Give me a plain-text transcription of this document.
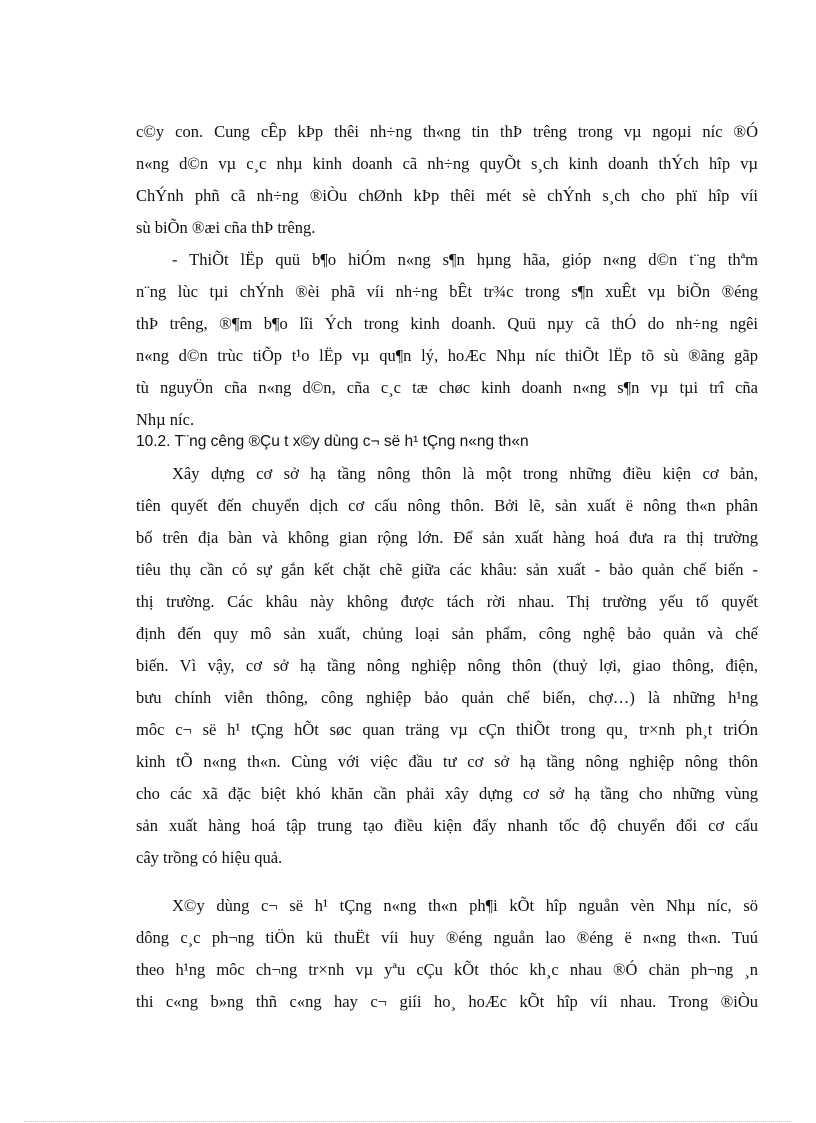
c©y con. Cung cÊp kÞp thêi nh÷ng th«ng tin thÞ trêng trong vµ ngoµi níc ®Ó
n«ng d©n vµ c¸c nhµ kinh doanh cã nh÷ng quyÕt s¸ch kinh doanh thÝch hîp vµ
ChÝnh phñ cã nh÷ng ®iÒu chØnh kÞp thêi mét sè chÝnh s¸ch cho phï hîp víi
sù biÕn ®æi cña thÞ trêng.
- ThiÕt lËp quü b¶o hiÓm n«ng s¶n hµng hãa, gióp n«ng d©n t¨ng thªm
n¨ng lùc tµi chÝnh ®èi phã víi nh÷ng bÊt tr¾c trong s¶n xuÊt vµ biÕn ®éng
thÞ trêng, ®¶m b¶o lîi Ých trong kinh doanh. Quü nµy cã thÓ do nh÷ng ngêi
n«ng d©n trùc tiÕp t¹o lËp vµ qu¶n lý, hoÆc Nhµ níc thiÕt lËp tõ sù ®ãng gãp
tù nguyÖn cña n«ng d©n, cña c¸c tæ chøc kinh doanh n«ng s¶n vµ tµi trî cña
Nhµ níc.
10.2. T¨ng cêng ®Çu t x©y dùng c¬ së h¹ tÇng n«ng th«n
Xây dựng cơ sở hạ tầng nông thôn là một trong những điều kiện cơ bản,
tiên quyết đến chuyển dịch cơ cấu nông thôn. Bởi lẽ, sản xuất ë nông th«n phân
bố trên địa bàn và không gian rộng lớn. Để sản xuất hàng hoá đưa ra thị trường
tiêu thụ cần có sự gắn kết chặt chẽ giữa các khâu: sản xuất - bảo quản chế biến -
thị trường. Các khâu này không được tách rời nhau. Thị trường yếu tố quyết
định đến quy mô sản xuất, chủng loại sản phẩm, công nghệ bảo quản và chế
biến. Vì vậy, cơ sở hạ tầng nông nghiệp nông thôn (thuỷ lợi, giao thông, điện,
bưu chính viễn thông, công nghiệp bảo quản chế biến, chợ…) là những h¹ng
môc c¬ së h¹ tÇng hÕt søc quan träng vµ cÇn thiÕt trong qu¸ tr×nh ph¸t triÓn
kinh tÕ n«ng th«n. Cùng với việc đầu tư cơ sở hạ tầng nông nghiệp nông thôn
cho các xã đặc biệt khó khăn cần phải xây dựng cơ sở hạ tầng cho những vùng
sản xuất hàng hoá tập trung tạo điều kiện đẩy nhanh tốc độ chuyển đổi cơ cấu
cây trồng có hiệu quả.
X©y dùng c¬ së h¹ tÇng n«ng th«n ph¶i kÕt hîp nguån vèn Nhµ níc, sö
dông c¸c ph¬ng tiÖn kü thuËt víi huy ®éng nguån lao ®éng ë n«ng th«n. Tuú
theo h¹ng môc ch¬ng tr×nh vµ yªu cÇu kÕt thóc kh¸c nhau ®Ó chän ph¬ng ¸n
thi c«ng b»ng thñ c«ng hay c¬ giíi ho¸ hoÆc kÕt hîp víi nhau. Trong ®iÒu
